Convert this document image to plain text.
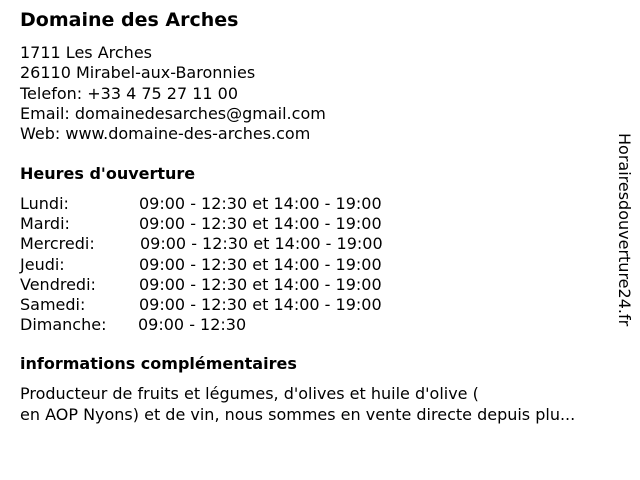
Domaine des Arches
1711 Les Arches
26110 Mirabel-aux-Baronnies
Telefon: +33 4 75 27 11 00
Email: domainedesarches@gmail.com
Web: www.domaine-des-arches.com
Heures d'ouverture
Lundi:	09:00 - 12:30 et 14:00 - 19:00
Mardi:	09:00 - 12:30 et 14:00 - 19:00
Mercredi:	09:00 - 12:30 et 14:00 - 19:00
Jeudi:	09:00 - 12:30 et 14:00 - 19:00
Vendredi:	09:00 - 12:30 et 14:00 - 19:00
Samedi:	09:00 - 12:30 et 14:00 - 19:00
Dimanche: 09:00 - 12:30
informations complémentaires
Producteur de fruits et légumes, d'olives et huile d'olive (
en AOP Nyons) et de vin, nous sommes en vente directe depuis plu...
Horairesdouverture24.fr
